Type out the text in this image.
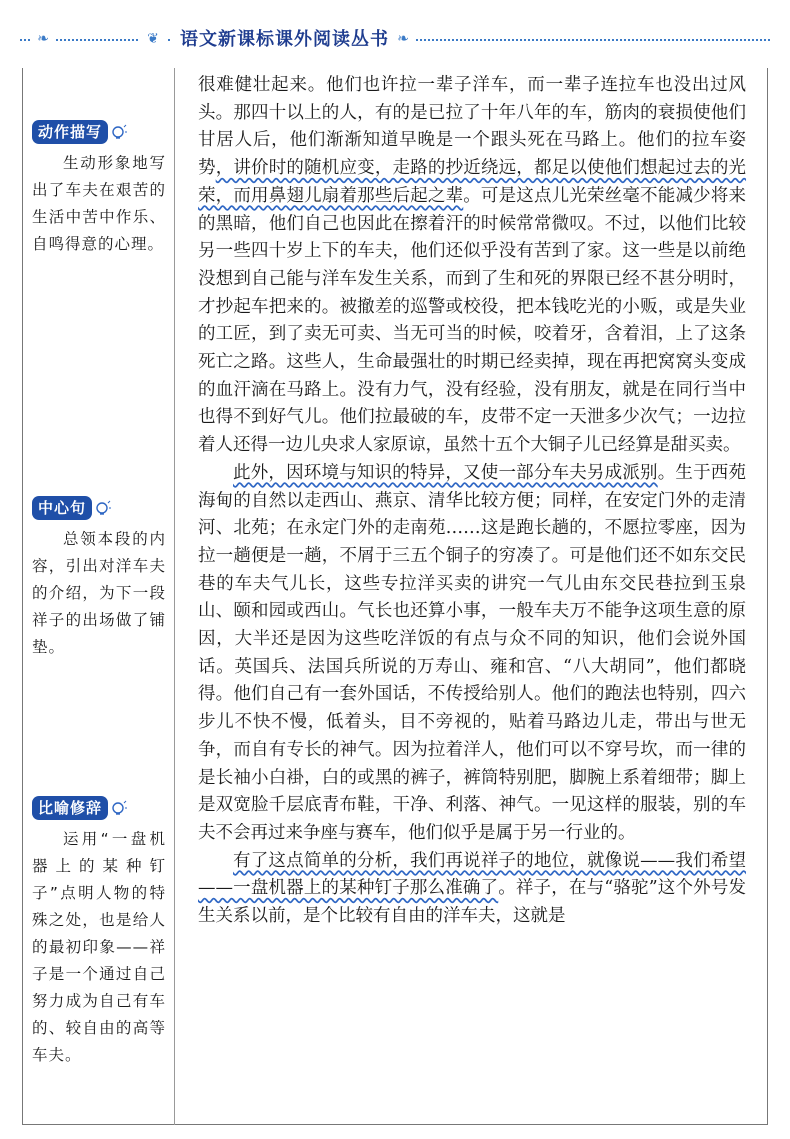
❧	❦	语文新课标课外阅读丛书 ❧
动作描写
生动形象地写出了车夫在艰苦的生活中苦中作乐、自鸣得意的心理。
中心句
总领本段的内容，引出对洋车夫的介绍，为下一段祥子的出场做了铺垫。
比喻修辞
运用“一盘机器上的某种钉子”点明人物的特殊之处，也是给人的最初印象——祥子是一个通过自己努力成为自己有车的、较自由的高等车夫。

很难健壮起来。他们也许拉一辈子洋车，而一辈子连拉车也没出过风头。那四十以上的人，有的是已拉了十年八年的车，筋肉的衰损使他们甘居人后，他们渐渐知道早晚是一个跟头死在马路上。他们的拉车姿势，讲价时的随机应变，走路的抄近绕远，都足以使他们想起过去的光荣，而用鼻翅儿扇着那些后起之辈。可是这点儿光荣丝毫不能减少将来的黑暗，他们自己也因此在擦着汗的时候常常微叹。不过，以他们比较另一些四十岁上下的车夫，他们还似乎没有苦到了家。这一些是以前绝没想到自己能与洋车发生关系，而到了生和死的界限已经不甚分明时，才抄起车把来的。被撤差的巡警或校役，把本钱吃光的小贩，或是失业的工匠，到了卖无可卖、当无可当的时候，咬着牙，含着泪，上了这条死亡之路。这些人，生命最强壮的时期已经卖掉，现在再把窝窝头变成的血汗滴在马路上。没有力气，没有经验，没有朋友，就是在同行当中也得不到好气儿。他们拉最破的车，皮带不定一天泄多少次气；一边拉着人还得一边儿央求人家原谅，虽然十五个大铜子儿已经算是甜买卖。

此外，因环境与知识的特异，又使一部分车夫另成派别。生于西苑海甸的自然以走西山、燕京、清华比较方便；同样，在安定门外的走清河、北苑；在永定门外的走南苑……这是跑长趟的，不愿拉零座，因为拉一趟便是一趟，不屑于三五个铜子的穷凑了。可是他们还不如东交民巷的车夫气儿长，这些专拉洋买卖的讲究一气儿由东交民巷拉到玉泉山、颐和园或西山。气长也还算小事，一般车夫万不能争这项生意的原因，大半还是因为这些吃洋饭的有点与众不同的知识，他们会说外国话。英国兵、法国兵所说的万寿山、雍和宫、“八大胡同”，他们都晓得。他们自己有一套外国话，不传授给别人。他们的跑法也特别，四六步儿不快不慢，低着头，目不旁视的，贴着马路边儿走，带出与世无争，而自有专长的神气。因为拉着洋人，他们可以不穿号坎，而一律的是长袖小白褂，白的或黑的裤子，裤筒特别肥，脚腕上系着细带；脚上是双宽脸千层底青布鞋，干净、利落、神气。一见这样的服装，别的车夫不会再过来争座与赛车，他们似乎是属于另一行业的。

有了这点简单的分析，我们再说祥子的地位，就像说——我们希望——一盘机器上的某种钉子那么准确了。祥子，在与“骆驼”这个外号发生关系以前，是个比较有自由的洋车夫，这就是
